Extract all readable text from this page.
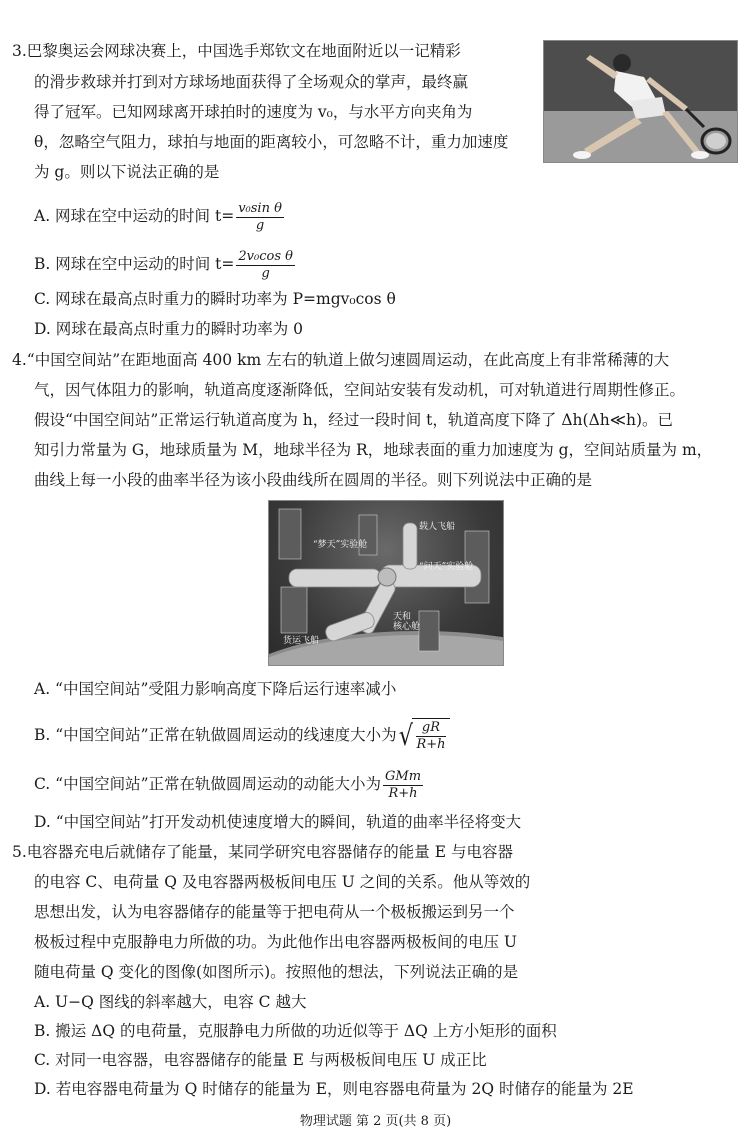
3.巴黎奥运会网球决赛上，中国选手郑钦文在地面附近以一记精彩
的滑步救球并打到对方球场地面获得了全场观众的掌声，最终赢
得了冠军。已知网球离开球拍时的速度为 v₀，与水平方向夹角为
θ，忽略空气阻力，球拍与地面的距离较小，可忽略不计，重力加速度
为 g。则以下说法正确的是
A. 网球在空中运动的时间 $t= \frac{\text{v₀sin θ}}{g}$
B. 网球在空中运动的时间 $t= \frac{\text{2v₀cos θ}}{g}$
C. 网球在最高点时重力的瞬时功率为 P=mgv₀cos θ
D. 网球在最高点时重力的瞬时功率为 0
4.“中国空间站”在距地面高 400 km 左右的轨道上做匀速圆周运动，在此高度上有非常稀薄的大
气，因气体阻力的影响，轨道高度逐渐降低，空间站安装有发动机，可对轨道进行周期性修正。
假设“中国空间站”正常运行轨道高度为 h，经过一段时间 t，轨道高度下降了 Δh(Δh≪h)。已
知引力常量为 G，地球质量为 M，地球半径为 R，地球表面的重力加速度为 g，空间站质量为 m，
曲线上每一小段的曲率半径为该小段曲线所在圆周的半径。则下列说法中正确的是
“梦天”实验舱
载人飞船
“问天”实验舱
天和
核心舱
货运飞船
A. “中国空间站”受阻力影响高度下降后运行速率减小
B. “中国空间站”正常在轨做圆周运动的线速度大小为 √ $\frac{gR}{R+h}$
C. “中国空间站”正常在轨做圆周运动的动能大小为 $\frac{\text{GMm}}{R+h}$
D. “中国空间站”打开发动机使速度增大的瞬间，轨道的曲率半径将变大
5.电容器充电后就储存了能量，某同学研究电容器储存的能量 E 与电容器
的电容 C、电荷量 Q 及电容器两极板间电压 U 之间的关系。他从等效的
思想出发，认为电容器储存的能量等于把电荷从一个极板搬运到另一个
极板过程中克服静电力所做的功。为此他作出电容器两极板间的电压 U
随电荷量 Q 变化的图像(如图所示)。按照他的想法，下列说法正确的是
A. U−Q 图线的斜率越大，电容 C 越大
B. 搬运 ΔQ 的电荷量，克服静电力所做的功近似等于 ΔQ 上方小矩形的面积
C. 对同一电容器，电容器储存的能量 E 与两极板间电压 U 成正比
D. 若电容器电荷量为 Q 时储存的能量为 E，则电容器电荷量为 2Q 时储存的能量为 2E
物理试题 第 2 页(共 8 页)
